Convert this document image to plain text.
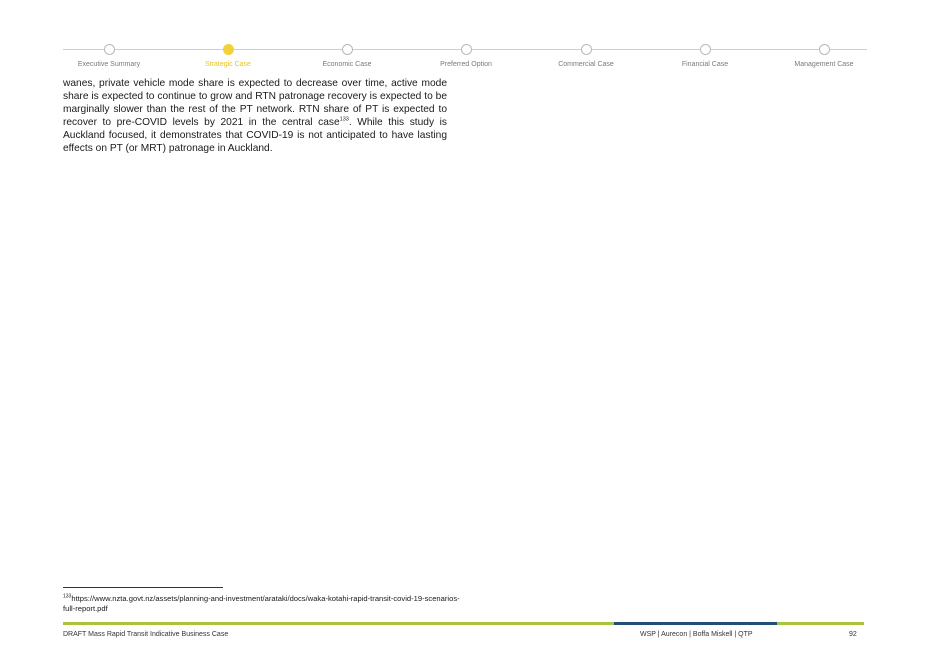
Executive Summary	Strategic Case	Economic Case	Preferred Option	Commercial Case	Financial Case	Management Case

wanes, private vehicle mode share is expected to decrease over time, active mode share is expected to continue to grow and RTN patronage recovery is expected to be marginally slower than the rest of the PT network. RTN share of PT is expected to recover to pre-COVID levels by 2021 in the central case$^{133}$. While this study is Auckland focused, it demonstrates that COVID-19 is not anticipated to have lasting effects on PT (or MRT) patronage in Auckland.

$^{133}$https://www.nzta.govt.nz/assets/planning-and-investment/arataki/docs/waka-kotahi-rapid-transit-covid-19-scenarios-full-report.pdf

DRAFT Mass Rapid Transit Indicative Business Case	WSP | Aurecon | Boffa Miskell | QTP	92
